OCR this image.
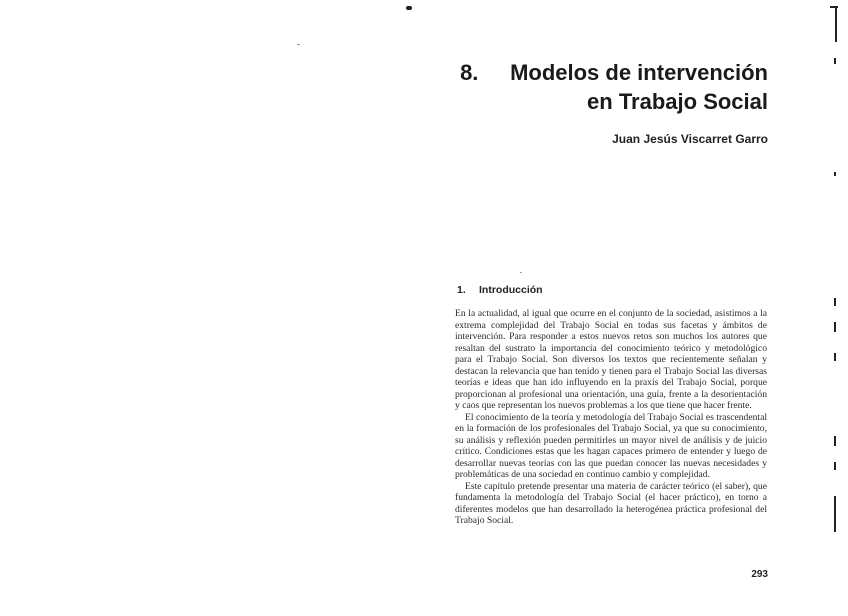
8. Modelos de intervención
en Trabajo Social
Juan Jesús Viscarret Garro
1. Introducción

En la actualidad, al igual que ocurre en el conjunto de la sociedad, asistimos a la extrema complejidad del Trabajo Social en todas sus facetas y ámbitos de intervención. Para responder a estos nuevos retos son muchos los autores que resaltan del sustrato la importancia del conocimiento teórico y metodológico para el Trabajo Social. Son diversos los textos que recientemente señalan y destacan la relevancia que han tenido y tienen para el Trabajo Social las diversas teorías e ideas que han ido influyendo en la praxis del Trabajo Social, porque proporcionan al profesional una orientación, una guía, frente a la desorientación y caos que representan los nuevos problemas a los que tiene que hacer frente.

El conocimiento de la teoría y metodología del Trabajo Social es trascendental en la formación de los profesionales del Trabajo Social, ya que su conocimiento, su análisis y reflexión pueden permitirles un mayor nivel de análisis y de juicio crítico. Condiciones estas que les hagan capaces primero de entender y luego de desarrollar nuevas teorías con las que puedan conocer las nuevas necesidades y problemáticas de una sociedad en continuo cambio y complejidad.

Este capítulo pretende presentar una materia de carácter teórico (el saber), que fundamenta la metodología del Trabajo Social (el hacer práctico), en torno a diferentes modelos que han desarrollado la heterogénea práctica profesional del Trabajo Social.

293
